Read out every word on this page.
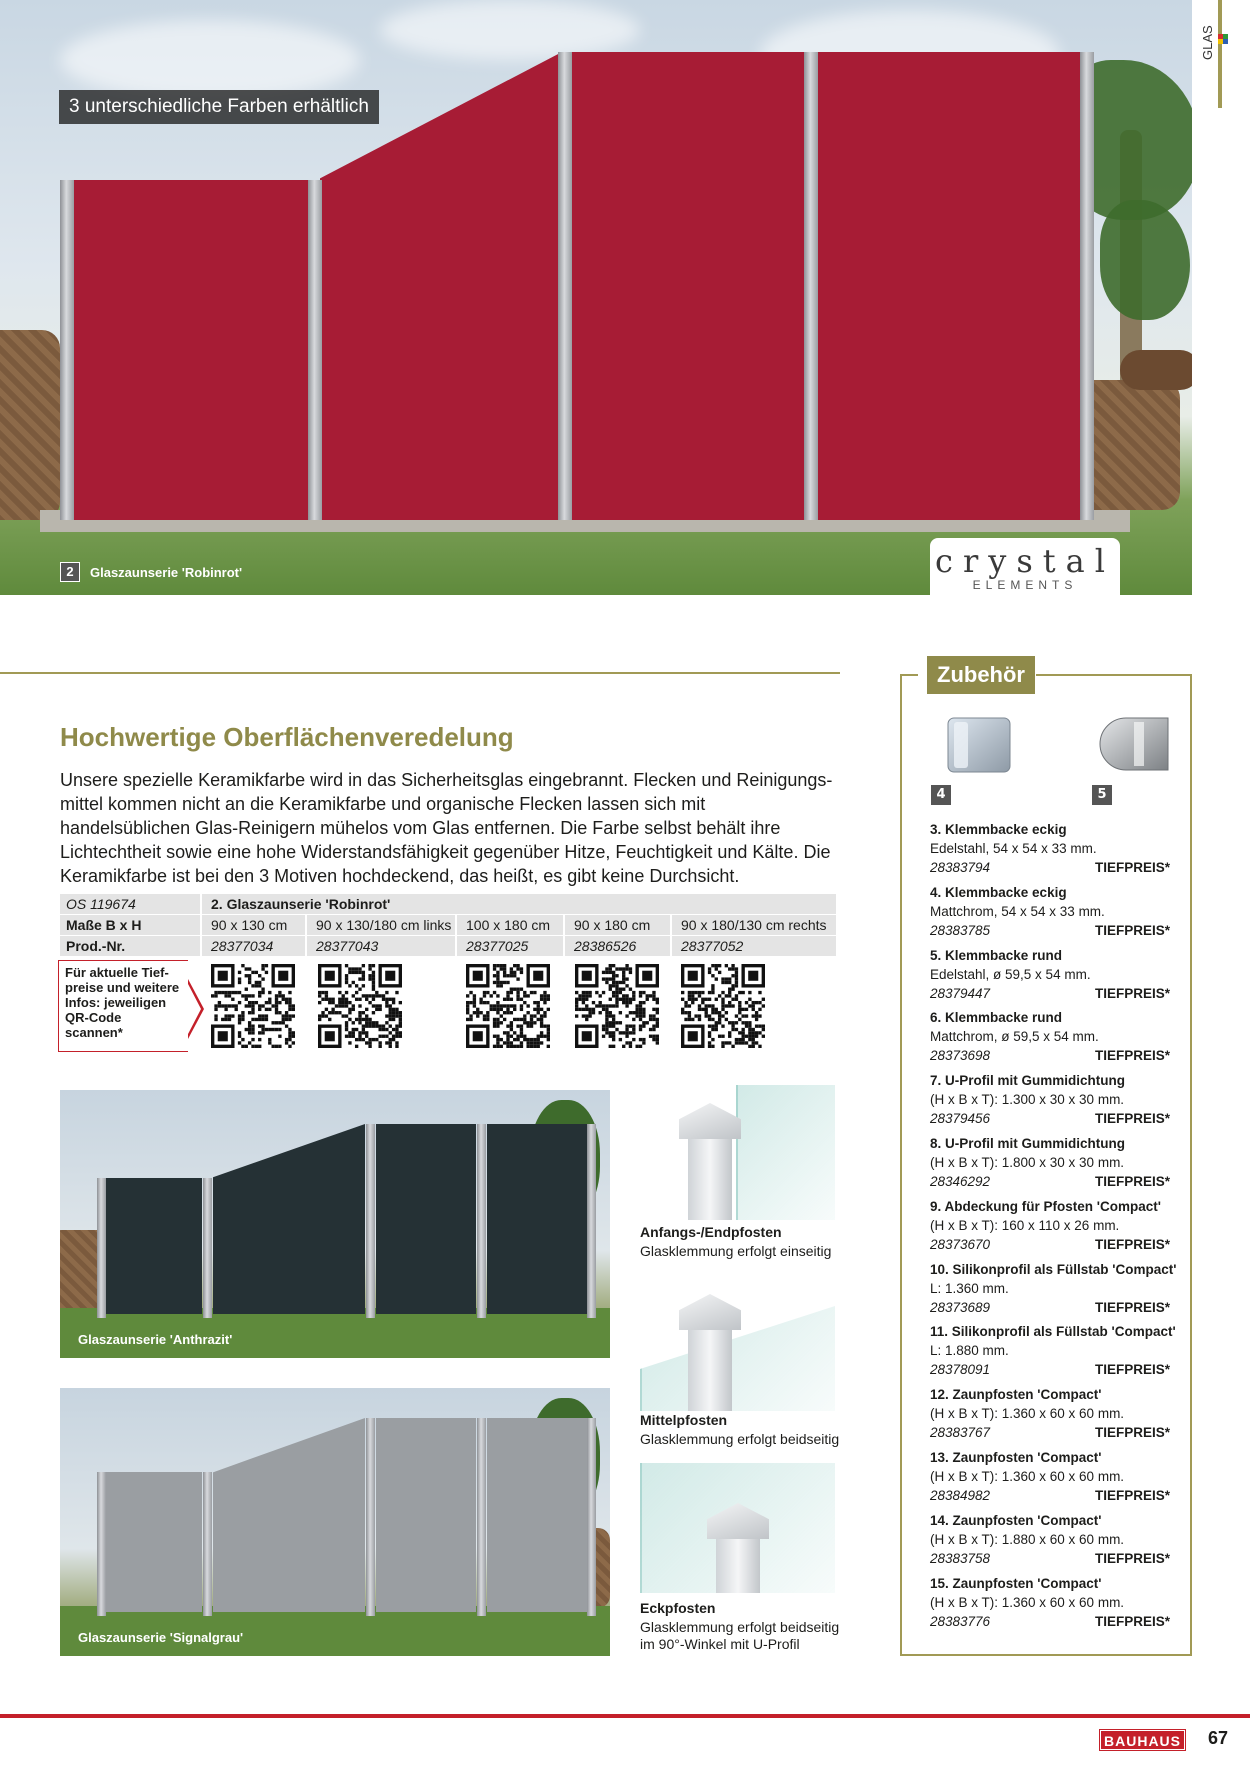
3 unterschiedliche Farben erhältlich
2	Glaszaunserie 'Robinrot'	crystal
ELEMENTS
GLAS
Hochwertige Oberflächenveredelung
Unsere spezielle Keramikfarbe wird in das Sicherheitsglas eingebrannt. Flecken und Reinigungs-mittel kommen nicht an die Keramikfarbe und organische Flecken lassen sich mit handelsüblichen Glas-Reinigern mühelos vom Glas entfernen. Die Farbe selbst behält ihre Lichtechtheit sowie eine hohe Widerstandsfähigkeit gegenüber Hitze, Feuchtigkeit und Kälte. Die Keramikfarbe ist bei den 3 Motiven hochdeckend, das heißt, es gibt keine Durchsicht.
OS 119674	2. Glaszaunserie 'Robinrot'
Maße B x H	90 x 130 cm	90 x 130/180 cm links	100 x 180 cm	90 x 180 cm	90 x 180/130 cm rechts
Prod.-Nr.	28377034	28377043	28377025	28386526	28377052
Für aktuelle Tief-preise und weitere Infos: jeweiligen QR-Code scannen*
Glaszaunserie 'Anthrazit'
Glaszaunserie 'Signalgrau'
Anfangs-/Endpfosten
Glasklemmung erfolgt einseitig
Mittelpfosten
Glasklemmung erfolgt beidseitig
Eckpfosten
Glasklemmung erfolgt beidseitig
im 90°-Winkel mit U-Profil
Zubehör
4	5
3. Klemmbacke eckig
Edelstahl, 54 x 54 x 33 mm.
28383794	TIEFPREIS*
4. Klemmbacke eckig
Mattchrom, 54 x 54 x 33 mm.
28383785	TIEFPREIS*
5. Klemmbacke rund
Edelstahl, ø 59,5 x 54 mm.
28379447	TIEFPREIS*
6. Klemmbacke rund
Mattchrom, ø 59,5 x 54 mm.
28373698	TIEFPREIS*
7. U-Profil mit Gummidichtung
(H x B x T): 1.300 x 30 x 30 mm.
28379456	TIEFPREIS*
8. U-Profil mit Gummidichtung
(H x B x T): 1.800 x 30 x 30 mm.
28346292	TIEFPREIS*
9. Abdeckung für Pfosten 'Compact'
(H x B x T): 160 x 110 x 26 mm.
28373670	TIEFPREIS*
10. Silikonprofil als Füllstab 'Compact'
L: 1.360 mm.
28373689	TIEFPREIS*
11. Silikonprofil als Füllstab 'Compact'
L: 1.880 mm.
28378091	TIEFPREIS*
12. Zaunpfosten 'Compact'
(H x B x T): 1.360 x 60 x 60 mm.
28383767	TIEFPREIS*
13. Zaunpfosten 'Compact'
(H x B x T): 1.360 x 60 x 60 mm.
28384982	TIEFPREIS*
14. Zaunpfosten 'Compact'
(H x B x T): 1.880 x 60 x 60 mm.
28383758	TIEFPREIS*
15. Zaunpfosten 'Compact'
(H x B x T): 1.360 x 60 x 60 mm.
28383776	TIEFPREIS*
BAUHAUS 67
